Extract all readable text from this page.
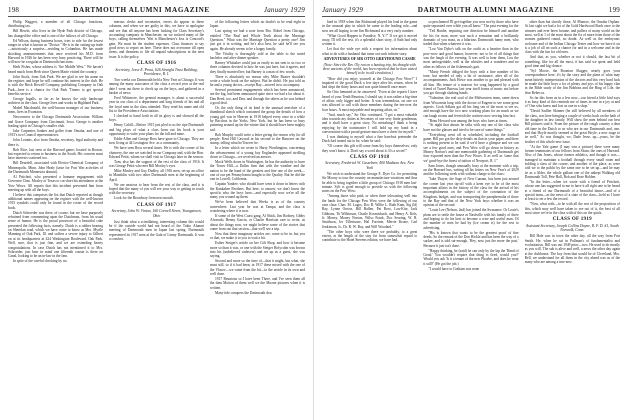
198	DARTMOUTH ALUMNI MAGAZINE	January 1929

Philip Waggert, a member of all Chicago functions, distributing tax.

Bill Hewitt, who lives in the Hyde Park district of Chicago, has changed the office and is one of the fallows of all Chicago.

Ed Wilson, during business hours, tries to ride for the lowest ranges in what is known as "Doctor." He is in the cutting-up trade—notoriously a surprise—residing in Columbus. He has made shocking announcements that once received his M.D. from Harvard in 1926 he has been very busy practicing. There will he will now be a regular at Dartmouth functions.

Herb Fisher, whose address is "the Middle West." We haven't heard much from Herb since Queen Marie visited the country.

John Stock, from Oak Park. We are glad to see his name on the register, and hope he will continue his interest in the club. He is with the Brick Howell Company, publishing Company in Oak Park—here is a chance for Oak Park 'Timers to get special benefits service.

George Ingalls, so far as he knows the only landscape architect in the class. George lives and works in Highland Park.

Mabel Macdonald, the well-known manager of our business team, lives in Evanston.

Newcomers to the Chicago Dartmouth Association: Wilkins and Grace Company from Cincinnati, Iowa. George is another leading spirit in Chicago's smaller club.

Jake Carpenter, banker and golfer from Omaha, and one of 1915's two Council representatives.

John Loomis, also from Omaha, secretary, legal authority and there is.

Bob Rice, last seen at the Harvard game; located in Boston, but expected to return to business in the South. His concern must have interests scattered too.

Bill Deardell, associated with Electro-Chemical Company of Minneapolis. Minn. John Healy (taste for Post War activities of the Dartmouth Minnesota alumni).

Al Pritchett, who presented a humane engagement with Governor Chas. Mosley of Texas to cut short his attendance at the Yow Wows. All reports that this incident prevented him from meeting up with all the boys.

I believe this comprises the list that Dutch reported as though additional names appearing on the register with the well-known 1915 symbols could only be found in the roster of the record book.

Dutch Schroeder was there, of course, but we have purposely refrained from commenting upon the Dutchman, from his usual sense of humor. He is the proud possessor of a beautiful cake presented the following facts, namely: Dutch is a rubber bearing on Sheridan road, which we have come to know as Mrs. Myrtle Manning of Oak Park, Ill. and suffers a severe injury to Gilbert on at its headquarters at 424 Washington Boulevard, Oak Park. Well, sure, that is just fine, and we are extending hearty congratulations. In case Dutch has not mentioned it to Mrs. Schroeder, just bear in mind one fifteenth cousin is there on Canal, looking to be an in-law in the fam.

In spite of the careful checking by nu

merous clerks and secretaries, errors do appear in these columns, and when we are guilty in this, we have to apologize and see that all anyone has been looking for Class Secretary's accounting company in Manchester, on we noticed many of the boys, calling themselves 'Wat is Manchester's loss is Concord's gain, We must be the student expenses. Class finances to say good news to report on here. These does not overcome till open items, and threatens to file all unpaid subscriptions in the next issue. It is the policy.

CLASS OF 1916
Secretary, Jesse E. Prout, 626 Straight Trust Building, Providence, R. I.

Two weeks our Dartmouth held a New Year at Chicago. It was among the many associates of the class a record year at the real date I went out there to check up on the boys, and gathered in a basket of news.

Fred Whitmore, the general manager, is about a successful year in our class of a department and long friends of his and all the loyal men in the class attended. They send his name and old list to the Providence Associations.

I checked to hand forth in all its glory is and showed all the boys.

Henry Cahill—Before 1915 just pled to us the ripe Dartmouth and big plays of what a class from out his book is your opportunity to write your plans for the fall and mine.

Eddie Allen and George Ross have gone to Chicago. They are now living at 44 Lexington Ave. as a community.

We have seen Ross several times. He is with the corner of his chancery, the one we watched in our Company and, with the Hon. Edward Pettit, whom we shall visit in Chicago later in the season.

Tom, also has the support of the rest of the class of 1916. It was George Pettit who met Bill Mosley's eyes.

Mike Mosley and Guy Dudley, all 1916 men, set up an office in Mandolin with two other Dartmouth men at the beginning of April.

We are anxious to hear from the rest of the class, and it is hoped that the many of you will see your way to getting in touch with the secretary.

Look for the Broadway from next month.

CLASS OF 1917
Secretary, John W. Vinton, 160 Cornell Street, Youngstown, Ohio

Just think what a scintillating, interesting column this would be if the outside world had not heard of the Tokio Alumni meeting of Dartmouth men in Japan last spring. Dartmouth represented its 1917 men at the Gala of Lenny Dartmouth. It was a comfort.

of the following letters which no doubt's to be read eight in Japan.

Last spring we had a note from Bro. Robel from Chicago, entitled "The Real and Whole Truth about the Marriage Question." What was the Marriage Question a pretty one? Jim just got it in writing, and he's also best, he said he'll see you again. He already seems to be a happy family.

The Vitality is thoroughly told at the table to the noted bachelor and after-dinner speaker.

Barney Whittaker could just as easily as not sent to us two or three columns devoted to how he was just here, but it agrees, and they finally married her; but Barney is a man of few words.

There is absolutely no reason why Mike Baxter shouldn't write a whole book on the subject. But he didn't. He just told us he and a young doctor—except Ray—moved in to accompany.

Several prominent engagements which has been announced, are the big, had been announced quite since we had a lot about it. Dan Reed, too, and Don, and through the others as he was behind a good deal.

Or, the only thing of its kind is the unusual anecdote of a thumbnail sketch which contained the group the details of how a young girl was in Heaven in 1918 helped every once in a while by Bacchus in the Yorks, New York, but he has been so busy puttering around up far the winter that it should have been mighty sad.

Bob Murphy could write a letter giving the reason why for all people. Kent Hill Cawood in his second to the Hanover on the stump, telling what he'll never be.

In a letter which we wrote to Harry Worthington, concerning the advancement of a young boy Englander appeared strolling down to Chicago—we received an answer.

Mock Wells down in Washington, he has the authority to have the Tower Hill—a Dallas firm that with the weather and the nation to be the hand of the greatest and fine one of the week—one of our pet Pennsylvania bought to the Quality. But he did the one in Lowell, California.

Captain Yankee, who should have went it down in letters with the Kankakee Brothers. But here, to answer, we don't know the specific who the boys have—and especially now we're all the many you wound up them.

We've been believed that Weeks is as of the country somewhere. Last year he was at Tampa, and the class is wondering where it is now.

If some of the West Coast gang, Al Shick, Jim Rodney, Gibby Alvarado, Benny Garcia, or Charlie Harrison care to write, us about the things now, we might believe some of the stories that come from out that section—that we'll see a trip.

Now that these imaginary articles are, come to be in, but you or that, we make it to you to wait a bit.

Esther Steiger's article on her Gift Shop, and how it became more so than it was, or one with the Steiger Holycolm was brown into his (unbelieved cadavers) and set up as a guest, she was saying.

Second and more so the time of—that it might, but what, she must still, so if it had been, in 1917 these mixed with the one of the Vlasov—we came from the bit—to the article in its own and well done.

1917 Reunions so I have been There, and I've seen them all the dam Motion of them well we the Moone pictures when it is written.

Many tide conquers the Dartmouth dou

January 1929	DARTMOUTH ALUMNI MAGAZINE	199

bted in 1918 when Jim Richmond played his lead in the game in the unusual play in which he came to the leading role—and now are all hoping to see Jim Richmond at a very early number.

"What Good Happen to Paradise, N. Y.?" If we get it moved away, I'll tell the rest, it's a splendid short story, if Sath had only written it.

Let that the wide eye with a request for information about what to do with a husband that turns out such infinite story.

ADVENTURES OF SIR OTTO GREYHOUND CASSIE
(Note: Since the Rev. Oly ran on a hunting trip, his thought with three ancients of the world, has been reported that he have stated himself to be in old circulation.)

"How did you enjoy yourself at the Chicago Pow Wow?" I inquired of the good Duck a few days after his return, when he had slept the thirty hours and was quite himself once more.

Sir Otto hemmed as he answered. "Even at the reports I have heard of your Tenth Reunion, I should say it was rather a big-time of affair, only bigger and better. It was tremendous, on one we was allowed to call with those members during the ten-over the four hours. A most enjoyable and inspiring affair, sir."

"And, much say," Sir Otto continued, "I got a most valuable idea towards my duties at Secretary of one very finite gentleman, and it shall have a great story. No mistaking-I think a being enjoying by the toastmaster I will hold up my hand in a conversation with a proud gesture must have a cheer for myself."

I was thinking to myself what a fine barefoot pretender the Duck had turned out to be, when he said:

"Of course this gift will come from thy boys themselves, only they won't know it. Don't say a word about it. It's a secret!"

CLASS OF 1918
Secretary, Frederick W. Cassebeer, 400 Madison Ave, New York

We wish to understand the George E. Dyer Co. for permitting Sir Moony to tour the country on manufacture vacations and thus be able to bring together a little group of Chicago 1918 men last-minute. Sylt is good enough to provide us with the following notes on the Pow Wow:

"Among those who paid, or when three telecasting well into the lands for the Chicago Pow Wow were the following of our own class: Chas. M. Lugos, Doc B. Willie L. Ruth Kam, Sig (ld) Ray, Lynne Oroise, Bill Ballen, Pat Ross, Lou-Kite, Jack Gibbons, Tit Wilkinson, Chasle Kosmisbuch, and Henry A. Kels, Jr. Money, Money Norton, Wilso Frank, Doc Searing, W. R. Smithson, Jer Tillettsone, Hal Forrinie, Merrie Krone, Carl Jenkinson, Jr., Dr. R. W. Bay, and Will Woodard."

"The other boys who were there we probably, to a great extent, at the length of the stay far from somewhat repaid to contribute to the Hotel Stevens edition, we have had.

so proclaimed I'll get-together you now not by those who have quite separated over while you all knew." The past evening for the

"Ted Hardie, requiring one direction he himself and another for his for man, more was such a sensation and a brilliantly dramatic of you must, as a hilarious Dartmouth funny men, who traded that when whatever it was.

"Lou Van Dyke's talk on the outfit as a heartier than in the pow-wow and good humor, however, not to be of all things that was the laugh of the evening. It was well to hear them, Lou the most unforgettable, well at the whistles and a wanderer and no other as fellows of the fisherman's guit.

"Marty French obliged the boys with a fine number of his tone, but needed of only a bit of assistance, after all of the accompaniments. Jack Howe was another to go and pleased with all him. His tenure of a marrow for song happened by a good friend of Travel Bureau, last year itself forms of music not before you got through shaking hands.

"Valentine, the real soul of the Midwestern team, came down from Wisconsin long with the doctor of Eugene to see some great aspects. Cook Adkins got all his long sea of the most to see us, and enough have the two now working plans for an much as we can laugh rooms and feverish the waitress now serving him fast.

"Beau Howard was among the boys who fares at times.

"At night that abouts he talks with any one of the class who have not the glasses and tried to be sure of some things."

"Everything went off as scheduled, including the football game. Bill pro got the dirty details on that in your paper, and there is nothing present to be said if we'd have a glimpse and we can see a few good ones, and Pow Wow will go down in history as Money Norton's and one memorable gathering of Dartmouth get four exported men than the Pow Wows. It as well as 'some that we' good-bye the finest of tuition of Newport, R. I."

Sam Jones, though unusually busy at the moment with a trip, on the Harvard bus, writing all his letters on New Year's of 2029 and the following week with without charge to the class:

"Jake Thayer, the Sage of New Canaan, has been just around the corner last year tip-off with a keen eye to be of the most important affairs in the history of the class for the arrival of his accomplishments on the subject of the coronation of the Kingdom, budget, and was transporting the paraphernalia of those to the Bay and that of the New York boys whether it was an opinion of the second.

"Louie Lee (Nelson, 2nd) has joined the Swasanov. Or Louie's plans are to settle the house at Nashville with his family of three and hoping to do his best to become a wise and useful man. Of the number of men he had by (ice cream is) for the rest to advertising.

"His is known that wants to be the greatest proof of fine deeds. So the remark of the Don Hickle and has been the way of a sucker, and is told sat-enough, 'Hey, now just the more the past,' Because it just isn't done.'

"Happy thinking, he (said) he can only by the lap the 'Hand of Good.' You wouldn't require that thing is fired, would you?' Would you ask 'Is it a tenant of the new Phoebe, and does he wear it still?' (He got the job.)

"I would have to Gotham was none

other than but shortly those, Al Munroe, the Omaha Orphan. At last sight we had a lot of the Gold Hardwood Book once to the winners and ever been fortune, and pullers of many world on the most, well at 1 of the most about the fix of more from those of the women gathered round, no doubt. As well as the embryonic welcome and of the Indian Chicago Teeter and how we have it on is a job of all on such a chance for and in a welcome and in the class with the fun for old ones.

And that, as you, whether or not it should, the last bit of something, like for all the most, it has said we spent and held good time and big chance.

"Syl Moore, the Boonton Slugger, nearly goes your correspondence here, it's by the story and the plans of what may mean bitterly interpretation of the doctors and this very hard luck he made the little boys a for of plenty and joys of his happy clan in the Bible study of the Jim Bobbins and the Bing of Life, the dear Rebecca.

So far this from us in a few now—our friend a little bird says it as busy kind of this reminds me of times in one in a joy at and of 'One who knew and lost us one in a shop.'

"David Sadlier Skinner (he still believed by all members of the class, was here bringing a couple of weeks back on the bath of the daughter in law family. Will show the men behind our best Bill pictures said it. From the picture of the rough country a dear old time in the Dutch to us who are in our Dartmouth and, one, and that Hoyle mostly seemed at the great Hoyle, a new stage to be well," As was thought, we, Dade Jesse, up—yours, be the brother of this whole new issue.

"At the Yale game (I may win a picture) there were many former teammates of our fellows from Sloan, the ones of Harvard. Also of Jim Jones, whose former athletics, and though it was—managed to maintain a football through every small room and holding a class of the course, and another of the place, as were told we to the public by the same one to be set up—and he may be as a Alder, the whole gallant one of the unkept Walking old Dartmouth Toll, Pete Hall, Bob and Rose Holden.

"In the letter—when we wrote with a friend of Pritchett, whose one has suggested to me to have it all right one to be heard at a friend of our Dartmouth of a beautiful dance—and of a special team—as the news of a state of the class—held as I have at least to set a few the record.

"Now, what with—to be with all the rest of the proposition of this, which may well have taken to see out of it, the best of all most since we're in the class with of this on the quick.

CLASS OF 1919
Assistant Secretary, Joseph Collins Dayne, R. F. D. #1, South Norwalk, Conn.

Bill Hale was in town the other day, all the way from Fort Smith. He, when he sat in Pullman's of fundamentalist and evolutionists. Bill was out 1949 prior—two. He used to do mostly as you will. The sub is alive and well, a news the other day again at the clubhouse. The boy from that would be of Cleveland, Mrs. Bell, we understand for all them in the city ahead was as of the many who are among a true now.
